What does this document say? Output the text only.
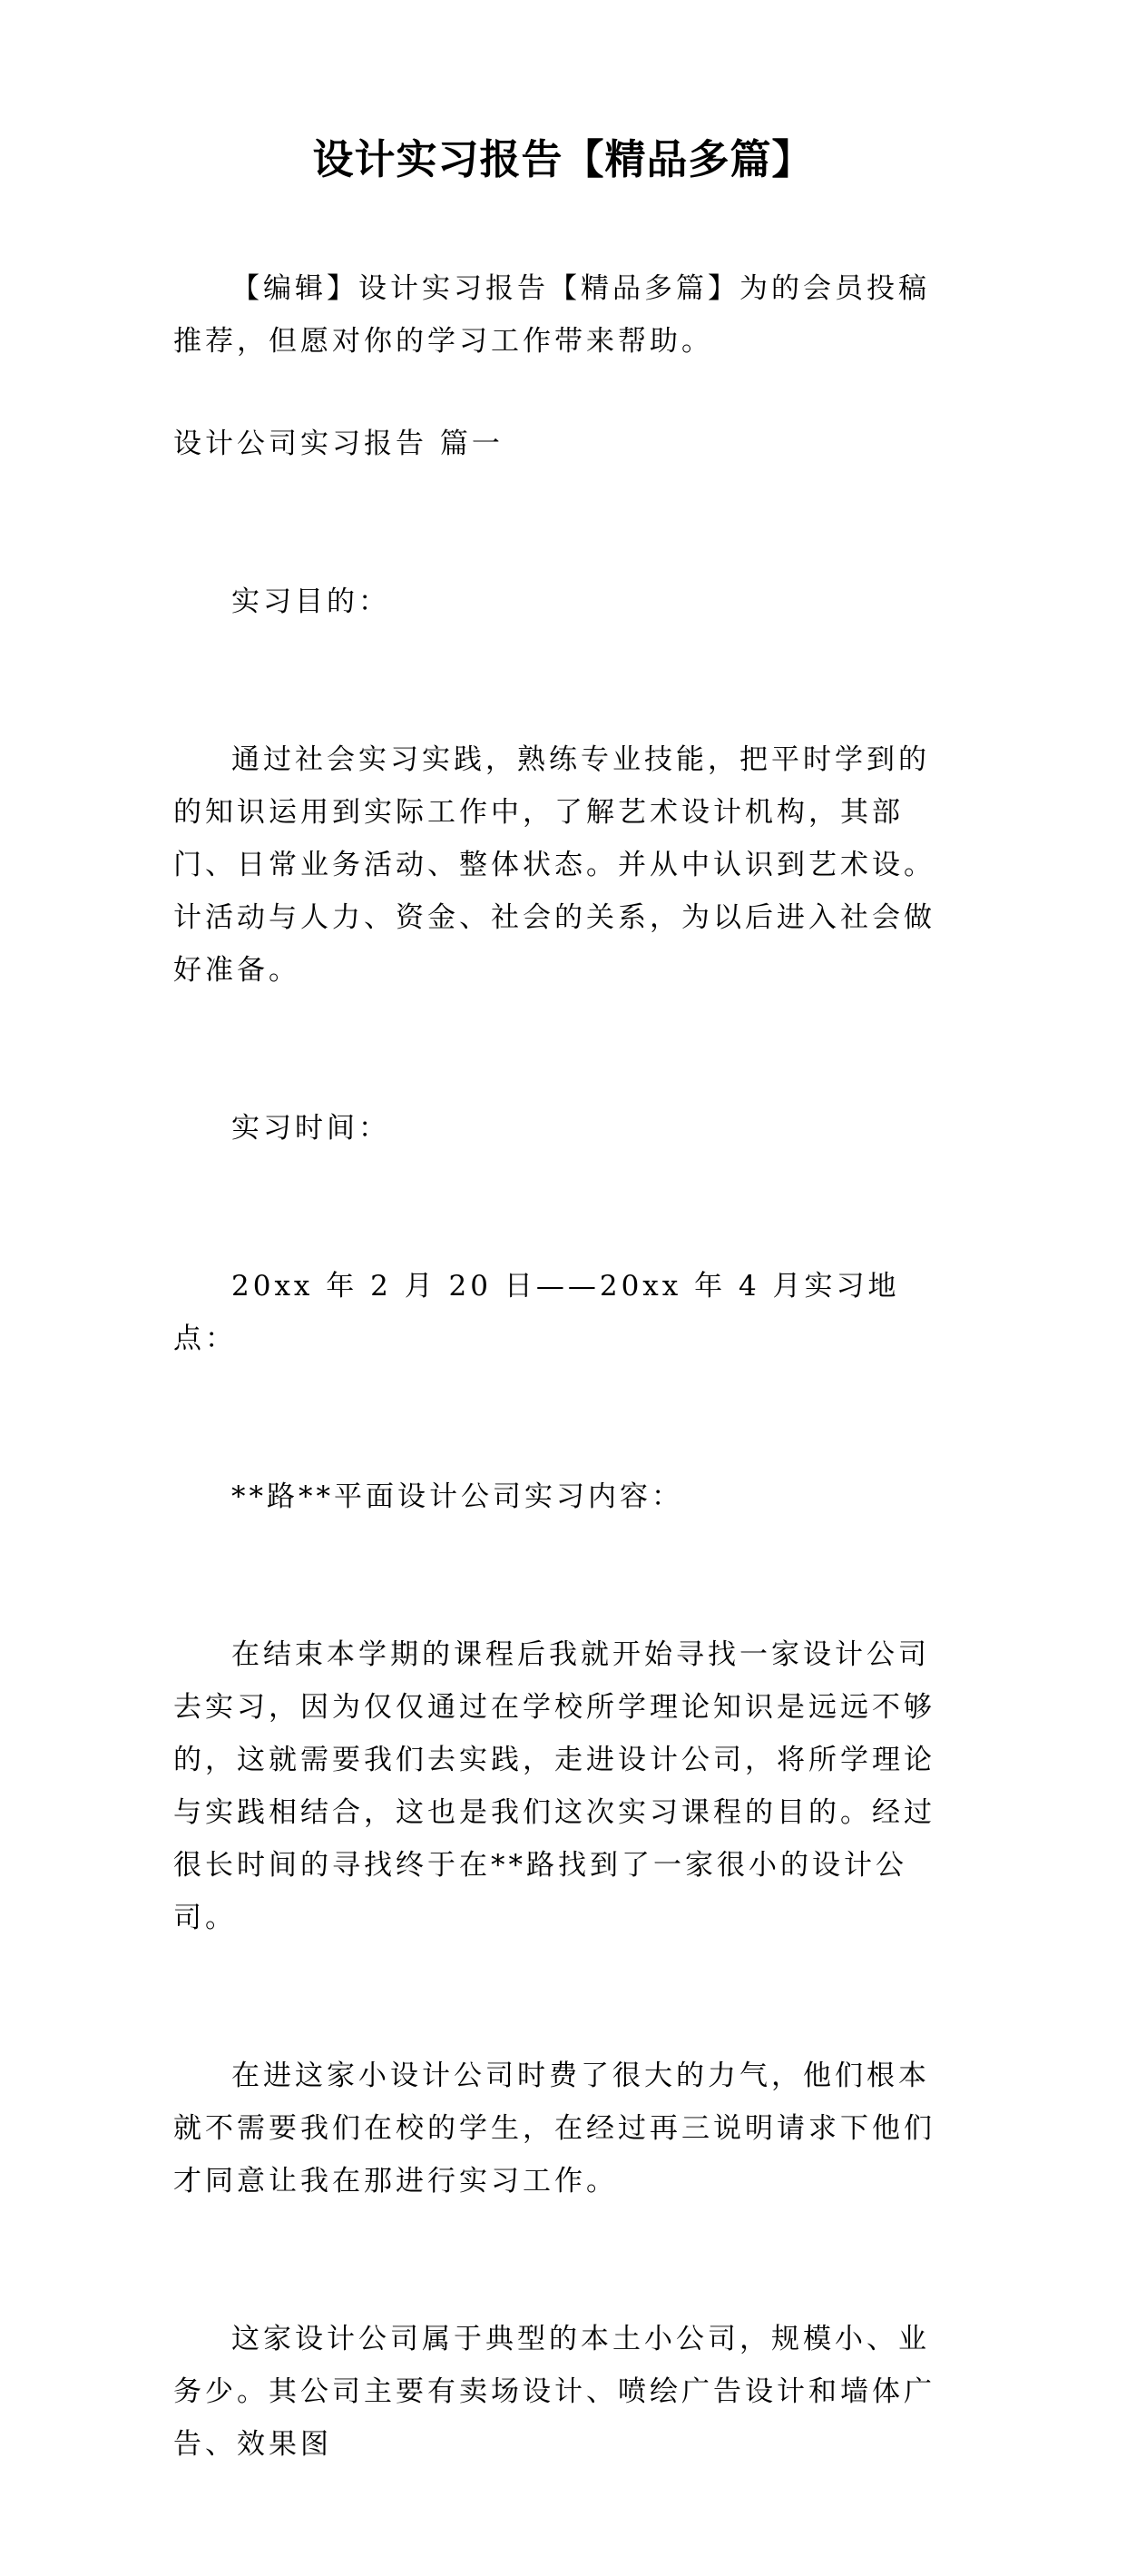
设计实习报告【精品多篇】

【编辑】设计实习报告【精品多篇】为的会员投稿推荐，但愿对你的学习工作带来帮助。

设计公司实习报告 篇一

实习目的：

通过社会实习实践，熟练专业技能，把平时学到的的知识运用到实际工作中，了解艺术设计机构，其部门、日常业务活动、整体状态。并从中认识到艺术设。计活动与人力、资金、社会的关系，为以后进入社会做好准备。

实习时间：

20xx 年 2 月 20 日——20xx 年 4 月实习地点：

**路**平面设计公司实习内容：

在结束本学期的课程后我就开始寻找一家设计公司去实习，因为仅仅通过在学校所学理论知识是远远不够的，这就需要我们去实践，走进设计公司，将所学理论与实践相结合，这也是我们这次实习课程的目的。经过很长时间的寻找终于在**路找到了一家很小的设计公司。

在进这家小设计公司时费了很大的力气，他们根本就不需要我们在校的学生，在经过再三说明请求下他们才同意让我在那进行实习工作。

这家设计公司属于典型的本土小公司，规模小、业务少。其公司主要有卖场设计、喷绘广告设计和墙体广告、效果图
